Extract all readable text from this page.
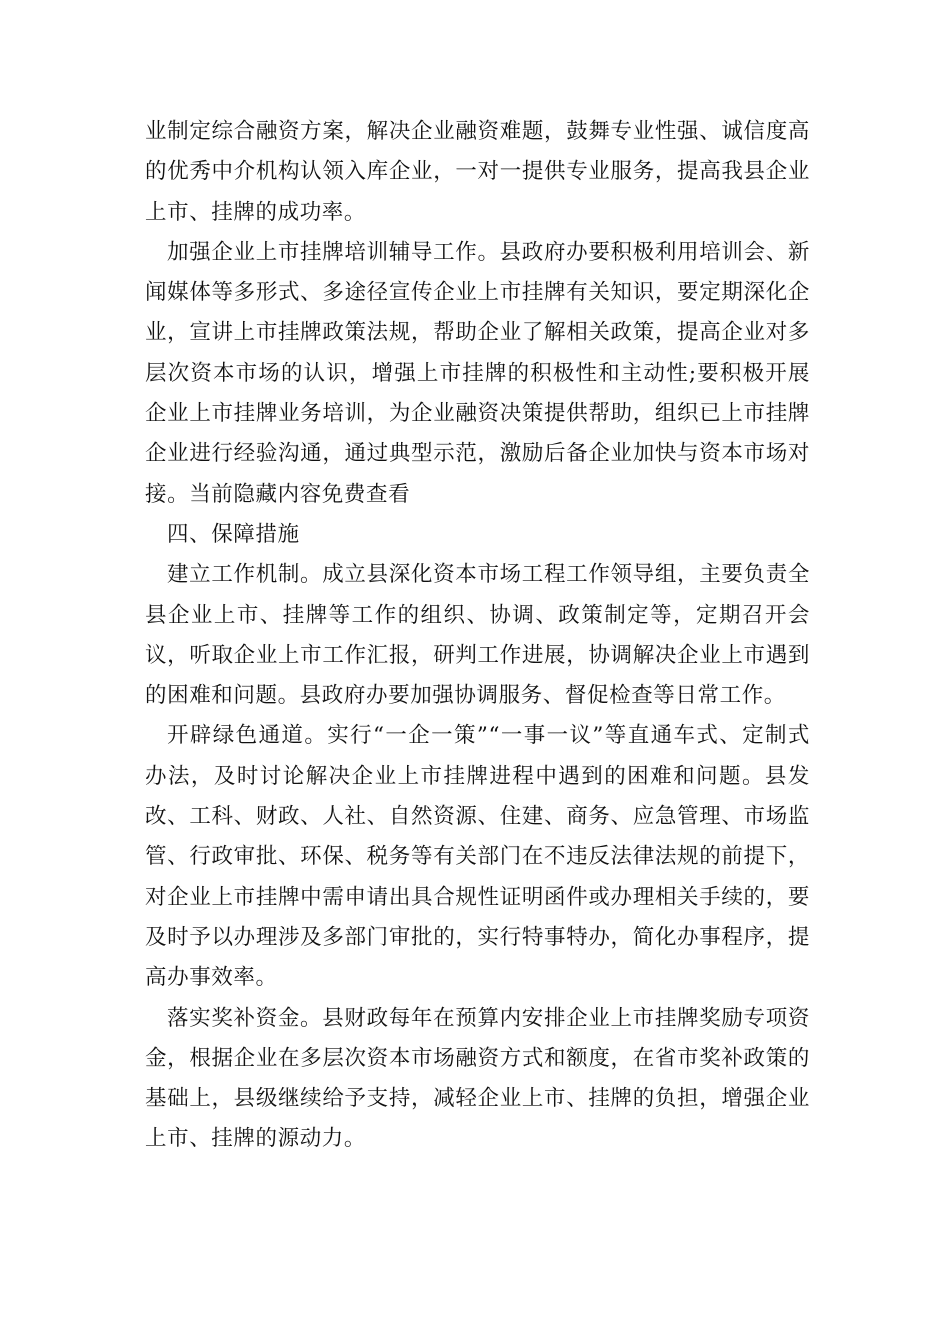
业制定综合融资方案，解决企业融资难题，鼓舞专业性强、诚信度高的优秀中介机构认领入库企业，一对一提供专业服务，提高我县企业上市、挂牌的成功率。

加强企业上市挂牌培训辅导工作。县政府办要积极利用培训会、新闻媒体等多形式、多途径宣传企业上市挂牌有关知识，要定期深化企业，宣讲上市挂牌政策法规，帮助企业了解相关政策，提高企业对多层次资本市场的认识，增强上市挂牌的积极性和主动性;要积极开展企业上市挂牌业务培训，为企业融资决策提供帮助，组织已上市挂牌企业进行经验沟通，通过典型示范，激励后备企业加快与资本市场对接。当前隐藏内容免费查看

四、保障措施

建立工作机制。成立县深化资本市场工程工作领导组，主要负责全县企业上市、挂牌等工作的组织、协调、政策制定等，定期召开会议，听取企业上市工作汇报，研判工作进展，协调解决企业上市遇到的困难和问题。县政府办要加强协调服务、督促检查等日常工作。

开辟绿色通道。实行“一企一策”“一事一议”等直通车式、定制式办法，及时讨论解决企业上市挂牌进程中遇到的困难和问题。县发改、工科、财政、人社、自然资源、住建、商务、应急管理、市场监管、行政审批、环保、税务等有关部门在不违反法律法规的前提下，对企业上市挂牌中需申请出具合规性证明函件或办理相关手续的，要及时予以办理涉及多部门审批的，实行特事特办，简化办事程序，提高办事效率。

落实奖补资金。县财政每年在预算内安排企业上市挂牌奖励专项资金，根据企业在多层次资本市场融资方式和额度，在省市奖补政策的基础上，县级继续给予支持，减轻企业上市、挂牌的负担，增强企业上市、挂牌的源动力。
